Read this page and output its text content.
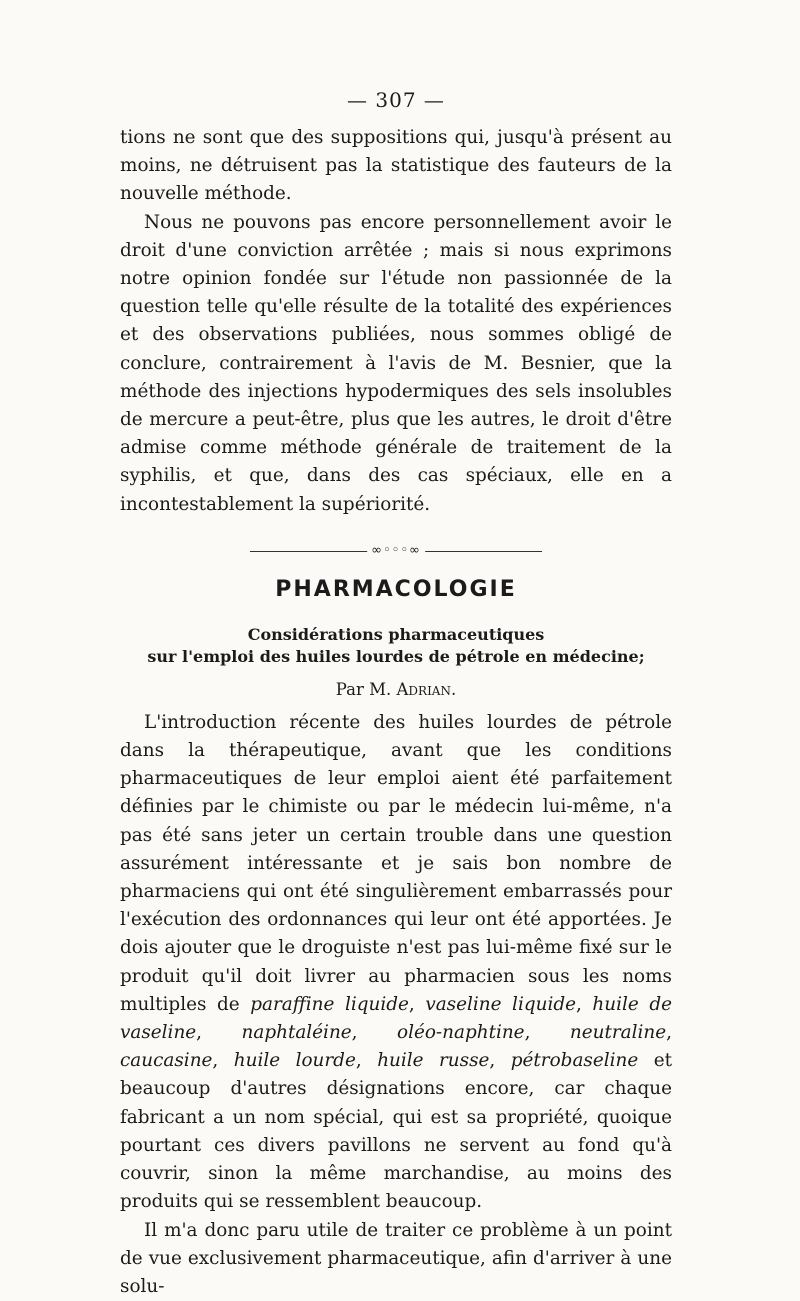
— 307 —

tions ne sont que des suppositions qui, jusqu'à présent au moins, ne détruisent pas la statistique des fauteurs de la nouvelle méthode.

Nous ne pouvons pas encore personnellement avoir le droit d'une conviction arrêtée ; mais si nous exprimons notre opinion fondée sur l'étude non passionnée de la question telle qu'elle résulte de la totalité des expériences et des observations publiées, nous sommes obligé de conclure, contrairement à l'avis de M. Besnier, que la méthode des injections hypodermiques des sels insolubles de mercure a peut-être, plus que les autres, le droit d'être admise comme méthode générale de traitement de la syphilis, et que, dans des cas spéciaux, elle en a incontestablement la supériorité.

∞◦◦◦∞
PHARMACOLOGIE

Considérations pharmaceutiques

sur l'emploi des huiles lourdes de pétrole en médecine;

Par M. Adrian.

L'introduction récente des huiles lourdes de pétrole dans la thérapeutique, avant que les conditions pharmaceutiques de leur emploi aient été parfaitement définies par le chimiste ou par le médecin lui-même, n'a pas été sans jeter un certain trouble dans une question assurément intéressante et je sais bon nombre de pharmaciens qui ont été singulièrement embarrassés pour l'exécution des ordonnances qui leur ont été apportées. Je dois ajouter que le droguiste n'est pas lui-même fixé sur le produit qu'il doit livrer au pharmacien sous les noms multiples de paraffine liquide, vaseline liquide, huile de vaseline, naphtaléine, oléo-naphtine, neutraline, caucasine, huile lourde, huile russe, pétrobaseline et beaucoup d'autres désignations encore, car chaque fabricant a un nom spécial, qui est sa propriété, quoique pourtant ces divers pavillons ne servent au fond qu'à couvrir, sinon la même marchandise, au moins des produits qui se ressemblent beaucoup.

Il m'a donc paru utile de traiter ce problème à un point de vue exclusivement pharmaceutique, afin d'arriver à une solu-
